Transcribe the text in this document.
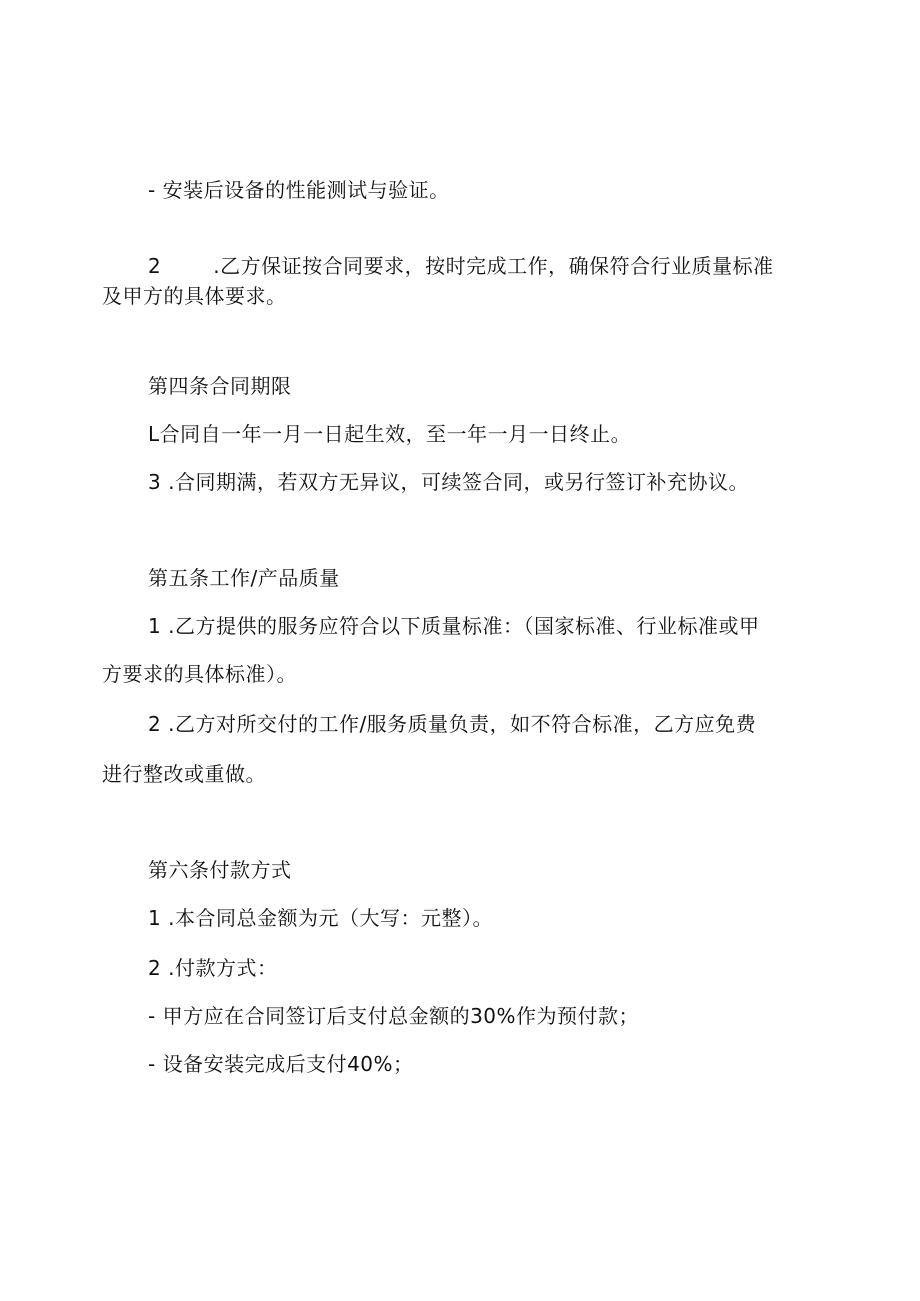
- 安装后设备的性能测试与验证。
2	.乙方保证按合同要求，按时完成工作，确保符合行业质量标准
及甲方的具体要求。
第四条合同期限
L合同自一年一月一日起生效，至一年一月一日终止。
3 .合同期满，若双方无异议，可续签合同，或另行签订补充协议。
第五条工作/产品质量
1 .乙方提供的服务应符合以下质量标准：（国家标准、行业标准或甲
方要求的具体标准）。
2 .乙方对所交付的工作/服务质量负责，如不符合标准，乙方应免费
进行整改或重做。
第六条付款方式
1 .本合同总金额为元（大写：元整）。
2 .付款方式：
- 甲方应在合同签订后支付总金额的30%作为预付款；
- 设备安装完成后支付40%；
